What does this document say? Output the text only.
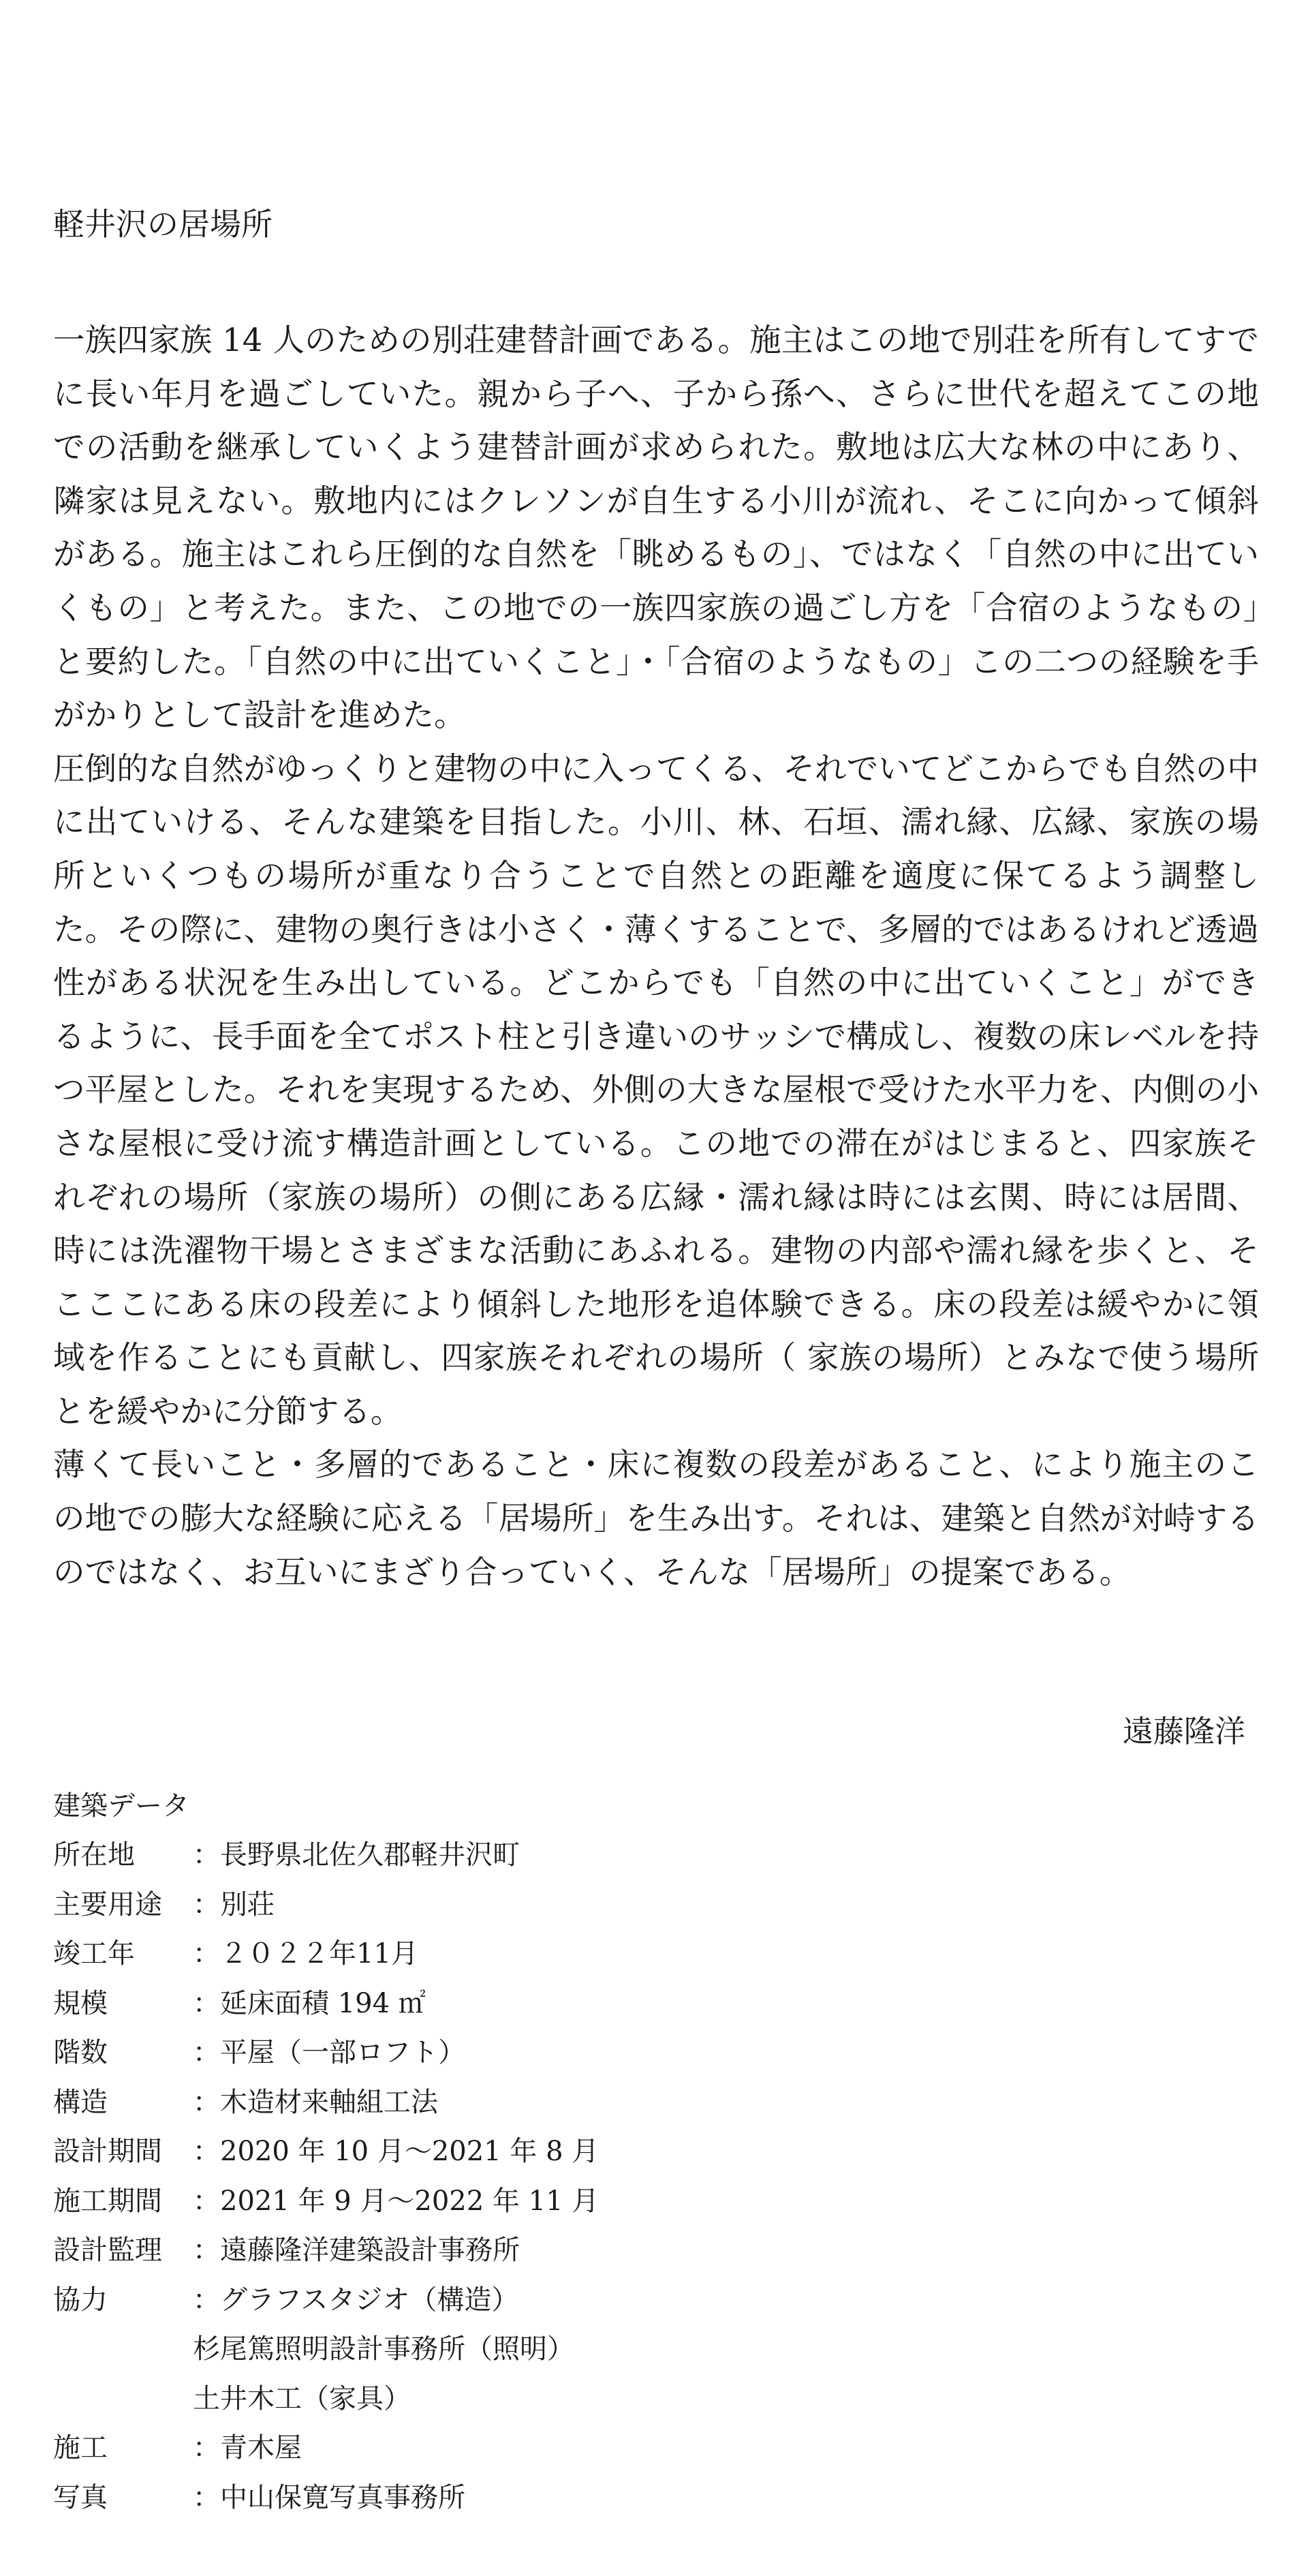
軽井沢の居場所

一族四家族 14 人のための別荘建替計画である。施主はこの地で別荘を所有してすでに長い年月を過ごしていた。親から子へ、子から孫へ、さらに世代を超えてこの地での活動を継承していくよう建替計画が求められた。敷地は広大な林の中にあり、隣家は見えない。敷地内にはクレソンが自生する小川が流れ、そこに向かって傾斜がある。施主はこれら圧倒的な自然を「眺めるもの」、ではなく「自然の中に出ていくもの」と考えた。また、この地での一族四家族の過ごし方を「合宿のようなもの」と要約した。「自然の中に出ていくこと」・「合宿のようなもの」この二つの経験を手がかりとして設計を進めた。

圧倒的な自然がゆっくりと建物の中に入ってくる、それでいてどこからでも自然の中に出ていける、そんな建築を目指した。小川、林、石垣、濡れ縁、広縁、家族の場所といくつもの場所が重なり合うことで自然との距離を適度に保てるよう調整した。その際に、建物の奥行きは小さく・薄くすることで、多層的ではあるけれど透過性がある状況を生み出している。どこからでも「自然の中に出ていくこと」ができるように、長手面を全てポスト柱と引き違いのサッシで構成し、複数の床レベルを持つ平屋とした。それを実現するため、外側の大きな屋根で受けた水平力を、内側の小さな屋根に受け流す構造計画としている。この地での滞在がはじまると、四家族それぞれの場所（家族の場所）の側にある広縁・濡れ縁は時には玄関、時には居間、時には洗濯物干場とさまざまな活動にあふれる。建物の内部や濡れ縁を歩くと、そこここにある床の段差により傾斜した地形を追体験できる。床の段差は緩やかに領域を作ることにも貢献し、四家族それぞれの場所（ 家族の場所）とみなで使う場所とを緩やかに分節する。

薄くて長いこと・多層的であること・床に複数の段差があること、により施主のこの地での膨大な経験に応える「居場所」を生み出す。それは、建築と自然が対峙するのではなく、お互いにまざり合っていく、そんな「居場所」の提案である。

遠藤隆洋

建築データ
所在地	：長野県北佐久郡軽井沢町
主要用途	：別荘
竣工年	：２０２２年11月
規模	：延床面積 194 ㎡
階数	：平屋（一部ロフト）
構造	：木造材来軸組工法
設計期間	：2020 年 10 月～2021 年 8 月
施工期間	：2021 年 9 月～2022 年 11 月
設計監理	：遠藤隆洋建築設計事務所
協力	：グラフスタジオ（構造）
杉尾篤照明設計事務所（照明）
土井木工（家具）
施工	：青木屋
写真	：中山保寛写真事務所
